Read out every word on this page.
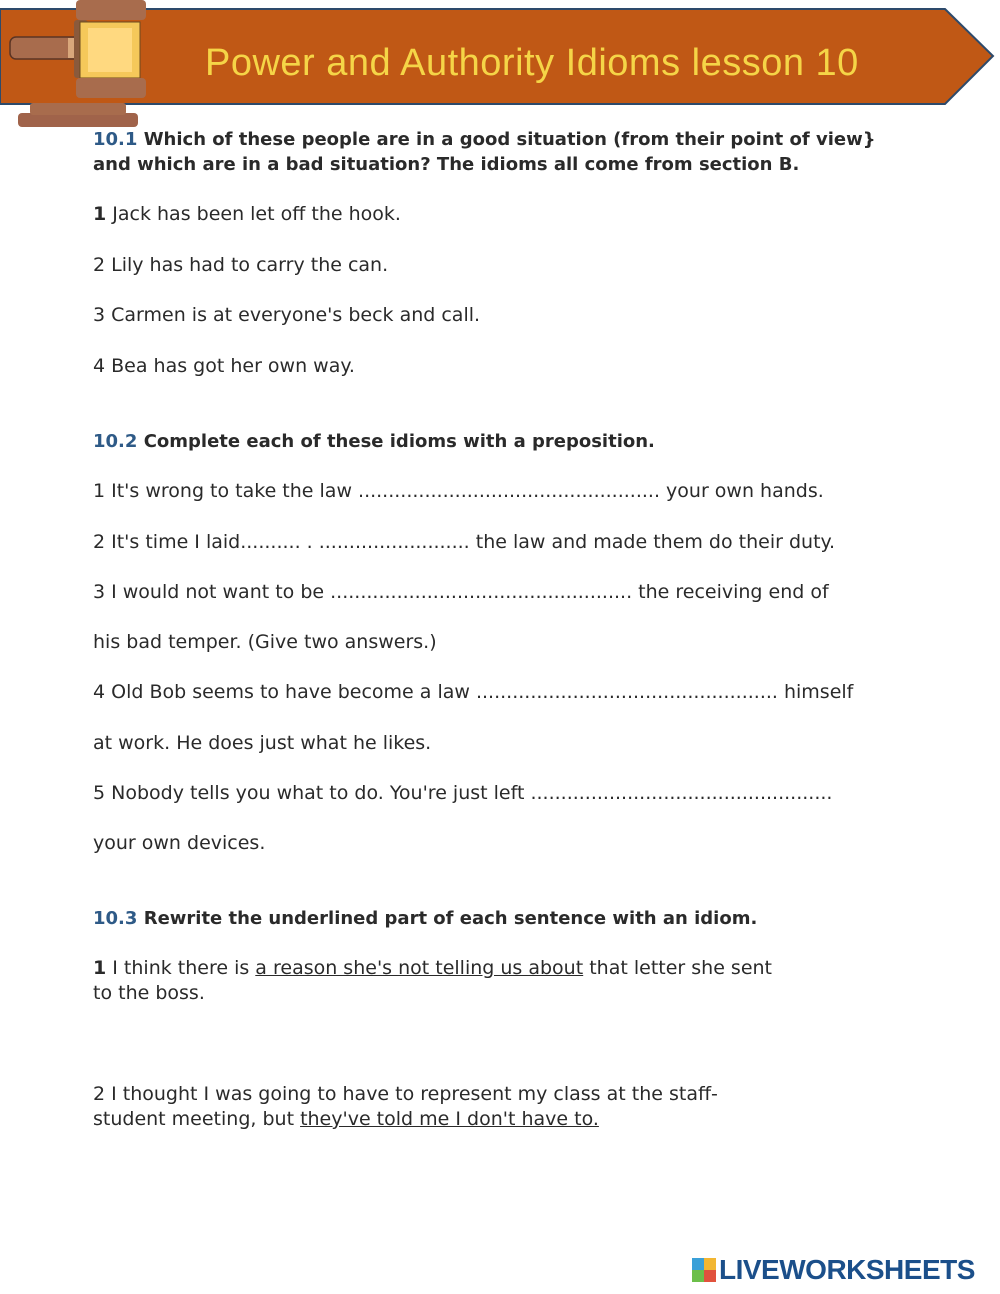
Power and Authority Idioms lesson 10

10.1 Which of these people are in a good situation (from their point of view}
and which are in a bad situation? The idioms all come from section B.

1 Jack has been let off the hook.

2 Lily has had to carry the can.

3 Carmen is at everyone's beck and call.

4 Bea has got her own way.

10.2 Complete each of these idioms with a preposition.

1 It's wrong to take the law .................................................. your own hands.

2 It's time I laid.......... . ......................... the law and made them do their duty.

3 I would not want to be .................................................. the receiving end of

his bad temper. (Give two answers.)

4 Old Bob seems to have become a law .................................................. himself

at work. He does just what he likes.

5 Nobody tells you what to do. You're just left ..................................................

your own devices.

10.3 Rewrite the underlined part of each sentence with an idiom.

1 I think there is a reason she's not telling us about that letter she sent
to the boss.

2 I thought I was going to have to represent my class at the staff-
student meeting, but they've told me I don't have to.

LIVEWORKSHEETS
